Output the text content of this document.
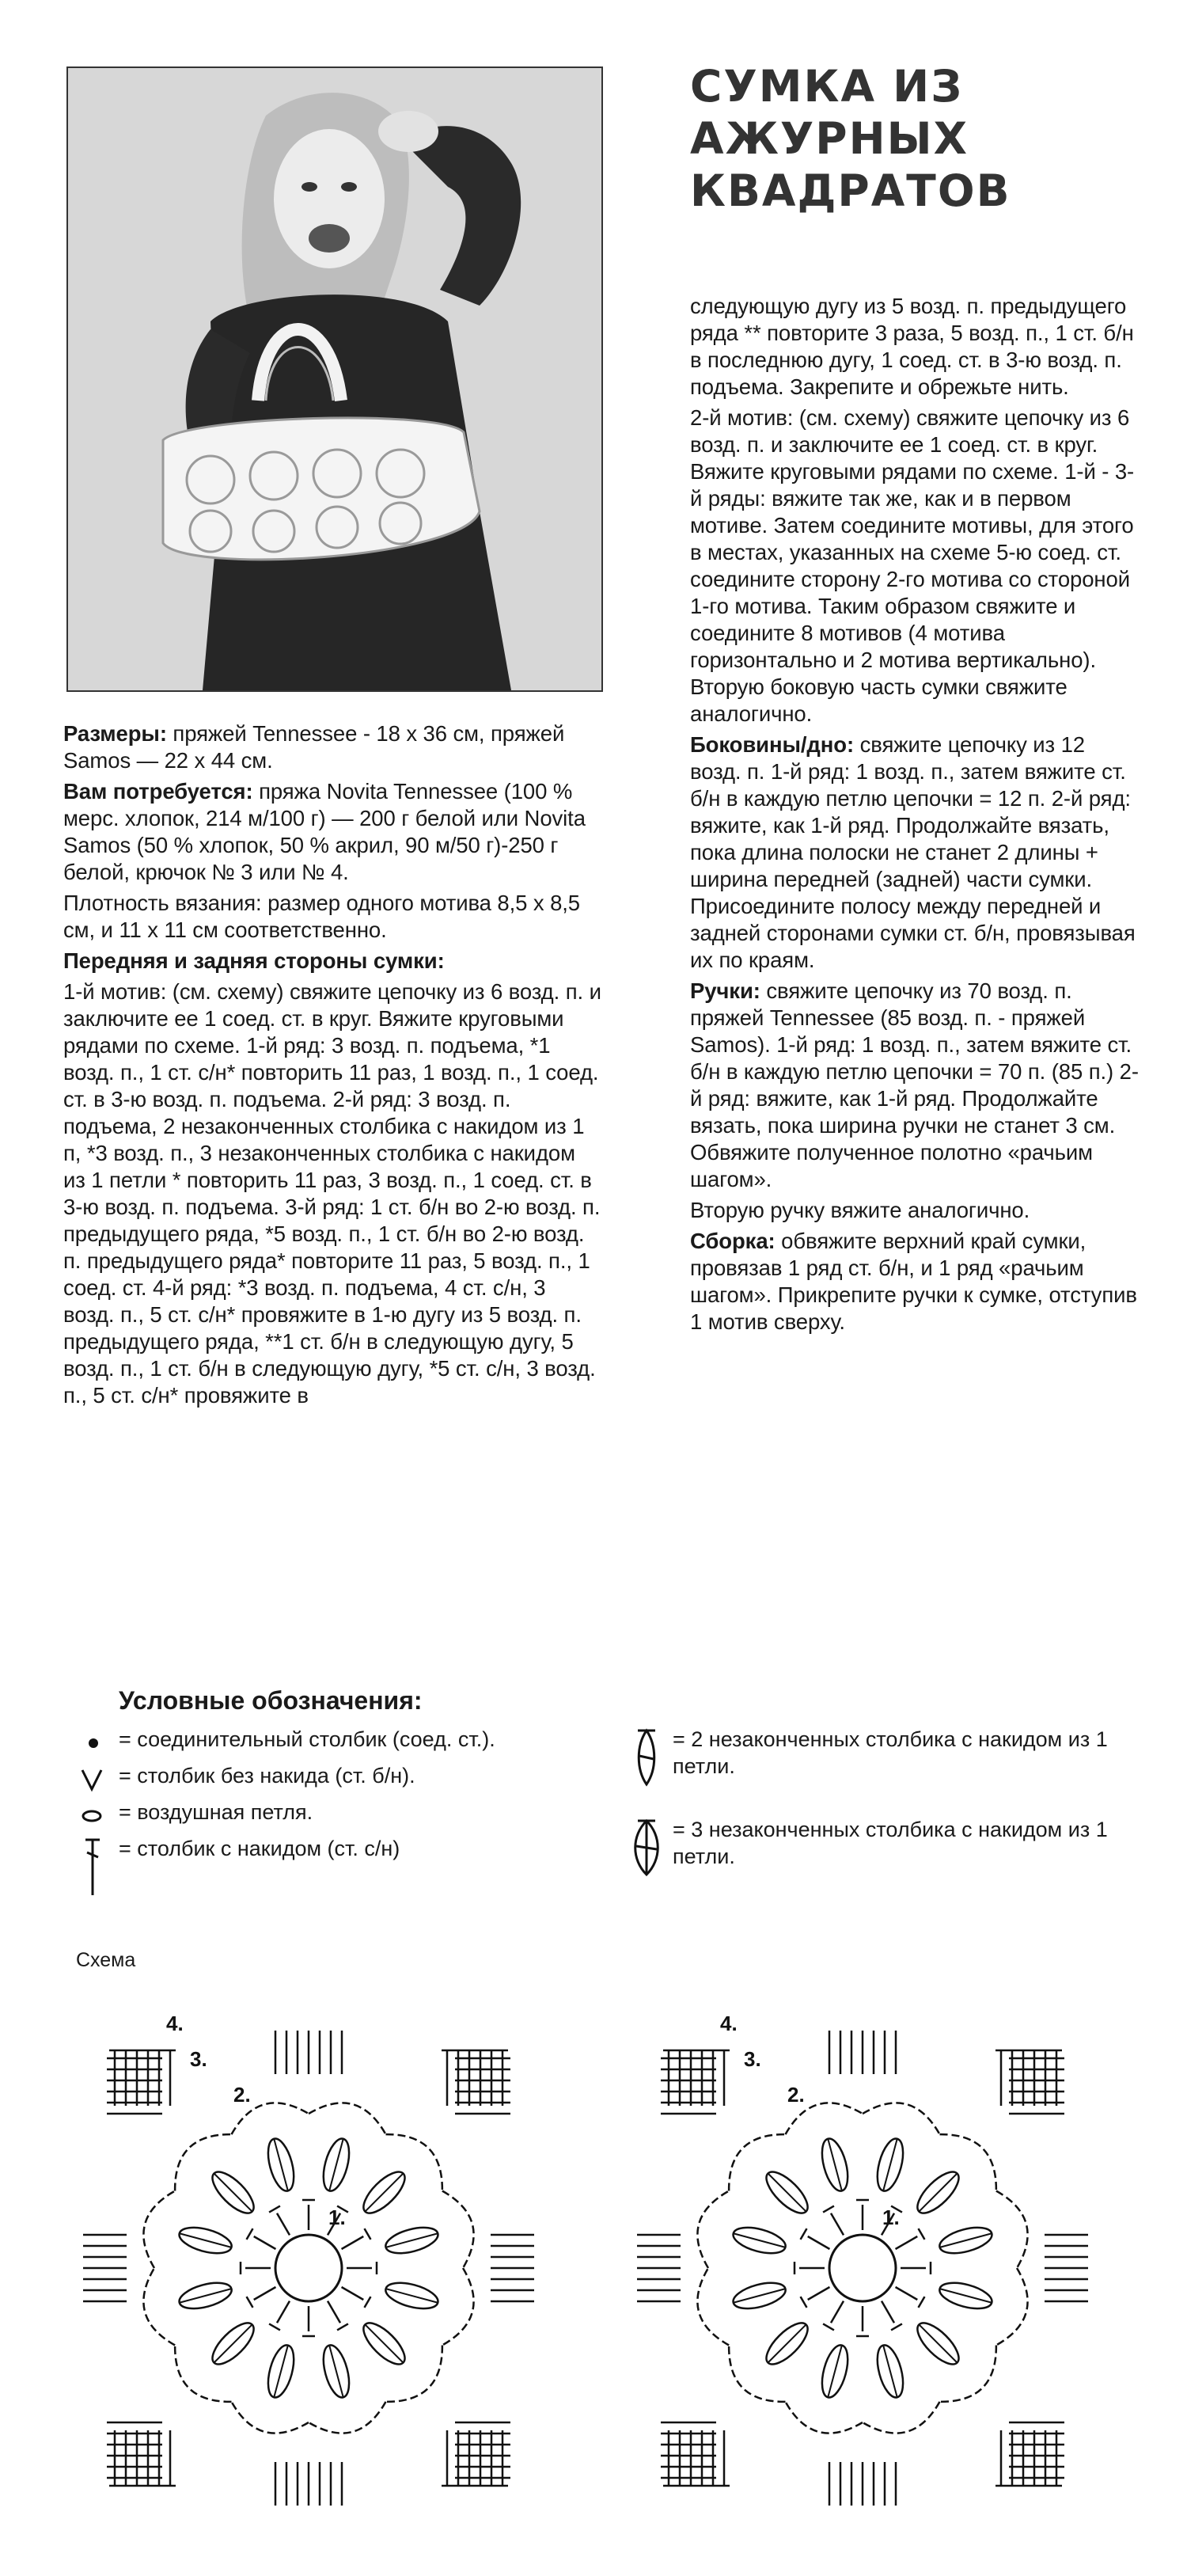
СУМКА ИЗ
АЖУРНЫХ
КВАДРАТОВ

Размеры: пряжей Tennessee - 18 х 36 см, пряжей Samos — 22 х 44 см.

Вам потребуется: пряжа Novita Tennessee (100 % мерс. хлопок, 214 м/100 г) — 200 г белой или Novita Samos (50 % хлопок, 50 % акрил, 90 м/50 г)-250 г белой, крючок № 3 или № 4.

Плотность вязания: размер одного мотива 8,5 х 8,5 см, и 11 х 11 см соответственно.

Передняя и задняя стороны сумки:

1-й мотив: (см. схему) свяжите цепочку из 6 возд. п. и заключите ее 1 соед. ст. в круг. Вяжите круговыми рядами по схеме. 1-й ряд: 3 возд. п. подъема, *1 возд. п., 1 ст. с/н* повторить 11 раз, 1 возд. п., 1 соед. ст. в 3-ю возд. п. подъема. 2-й ряд: 3 возд. п. подъема, 2 незаконченных столбика с накидом из 1 п, *3 возд. п., 3 незаконченных столбика с накидом из 1 петли * повторить 11 раз, 3 возд. п., 1 соед. ст. в 3-ю возд. п. подъема. 3-й ряд: 1 ст. б/н во 2-ю возд. п. предыдущего ряда, *5 возд. п., 1 ст. б/н во 2-ю возд. п. предыдущего ряда* повторите 11 раз, 5 возд. п., 1 соед. ст. 4-й ряд: *3 возд. п. подъема, 4 ст. с/н, 3 возд. п., 5 ст. с/н* провяжите в 1-ю дугу из 5 возд. п. предыдущего ряда, **1 ст. б/н в следующую дугу, 5 возд. п., 1 ст. б/н в следующую дугу, *5 ст. с/н, 3 возд. п., 5 ст. с/н* провяжите в

следующую дугу из 5 возд. п. предыдущего ряда ** повторите 3 раза, 5 возд. п., 1 ст. б/н в последнюю дугу, 1 соед. ст. в 3-ю возд. п. подъема. Закрепите и обрежьте нить.

2-й мотив: (см. схему) свяжите цепочку из 6 возд. п. и заключите ее 1 соед. ст. в круг. Вяжите круговыми рядами по схеме. 1-й - 3-й ряды: вяжите так же, как и в первом мотиве. Затем соедините мотивы, для этого в местах, указанных на схеме 5-ю соед. ст. соедините сторону 2-го мотива со стороной 1-го мотива. Таким образом свяжите и соедините 8 мотивов (4 мотива горизонтально и 2 мотива вертикально). Вторую боковую часть сумки свяжите аналогично.

Боковины/дно: свяжите цепочку из 12 возд. п. 1-й ряд: 1 возд. п., затем вяжите ст. б/н в каждую петлю цепочки = 12 п. 2-й ряд: вяжите, как 1-й ряд. Продолжайте вязать, пока длина полоски не станет 2 длины + ширина передней (задней) части сумки. Присоедините полосу между передней и задней сторонами сумки ст. б/н, провязывая их по краям.

Ручки: свяжите цепочку из 70 возд. п. пряжей Tennessee (85 возд. п. - пряжей Samos). 1-й ряд: 1 возд. п., затем вяжите ст. б/н в каждую петлю цепочки = 70 п. (85 п.) 2-й ряд: вяжите, как 1-й ряд. Продолжайте вязать, пока ширина ручки не станет 3 см. Обвяжите полученное полотно «рачьим шагом».

Вторую ручку вяжите аналогично.

Сборка: обвяжите верхний край сумки, провязав 1 ряд ст. б/н, и 1 ряд «рачьим шагом». Прикрепите ручки к сумке, отступив 1 мотив сверху.

Условные обозначения:
= соединительный столбик (соед. ст.).
= столбик без накида (ст. б/н).
= воздушная петля.
= столбик с накидом (ст. с/н)
= 2 незаконченных столбика с накидом из 1 петли.
= 3 незаконченных столбика с накидом из 1 петли.
Схема
4.
3.
2.
1.
4.
3.
2.
1.
